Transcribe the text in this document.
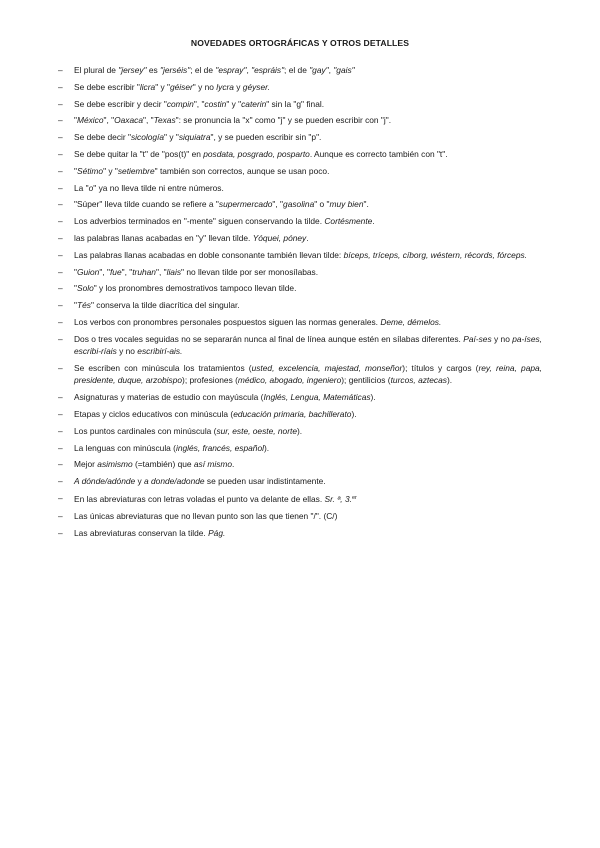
NOVEDADES ORTOGRÁFICAS Y OTROS DETALLES
– El plural de "jersey" es "jerséis"; el de "espray", "espráis"; el de "gay", "gais"
– Se debe escribir "licra" y "géiser" y no lycra y géyser.
– Se debe escribir y decir "compin", "costin" y "caterin" sin la "g" final.
– "México", "Oaxaca", "Texas": se pronuncia la "x" como "j" y se pueden escribir con "j".
– Se debe decir "sicología" y "siquiatra", y se pueden escribir sin "p".
– Se debe quitar la "t" de "pos(t)" en posdata, posgrado, posparto. Aunque es correcto también con "t".
– "Sétimo" y "setiembre" también son correctos, aunque se usan poco.
– La "o" ya no lleva tilde ni entre números.
– "Súper" lleva tilde cuando se refiere a "supermercado", "gasolina" o "muy bien".
– Los adverbios terminados en "-mente" siguen conservando la tilde. Cortésmente.
– las palabras llanas acabadas en "y" llevan tilde. Yóquei, póney.
– Las palabras llanas acabadas en doble consonante también llevan tilde: bíceps, tríceps, cíborg, wéstern, récords, fórceps.
– "Guion", "fue", "truhan", "liais" no llevan tilde por ser monosílabas.
– "Solo" y los pronombres demostrativos tampoco llevan tilde.
– "Tés" conserva la tilde diacrítica del singular.
– Los verbos con pronombres personales pospuestos siguen las normas generales. Deme, démelos.
– Dos o tres vocales seguidas no se separarán nunca al final de línea aunque estén en sílabas diferentes. Paí-ses y no pa-íses, escribi-ríais y no escribirí-ais.
– Se escriben con minúscula los tratamientos (usted, excelencia, majestad, monseñor); títulos y cargos (rey, reina, papa, presidente, duque, arzobispo); profesiones (médico, abogado, ingeniero); gentilicios (turcos, aztecas).
– Asignaturas y materias de estudio con mayúscula (Inglés, Lengua, Matemáticas).
– Etapas y ciclos educativos con minúscula (educación primaria, bachillerato).
– Los puntos cardinales con minúscula (sur, este, oeste, norte).
– La lenguas con minúscula (inglés, francés, español).
– Mejor asimismo (=también) que así mismo.
– A dónde/adónde y a donde/adonde se pueden usar indistintamente.
– En las abreviaturas con letras voladas el punto va delante de ellas. Sr. ª, 3.$^{er}$
– Las únicas abreviaturas que no llevan punto son las que tienen "/". (C/)
– Las abreviaturas conservan la tilde. Pág.
